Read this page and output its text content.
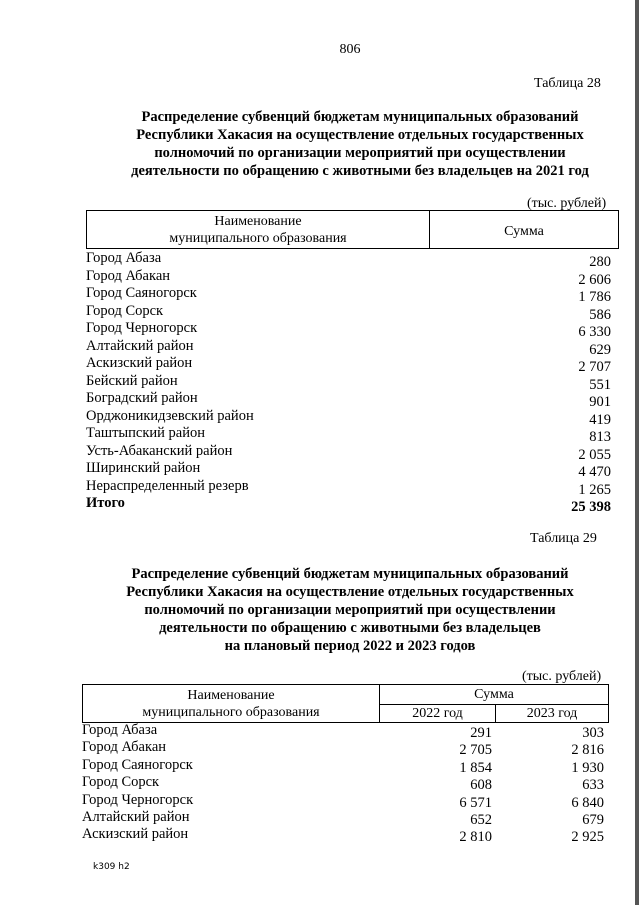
806
Таблица 28
Распределение субвенций бюджетам муниципальных образований
Республики Хакасия на осуществление отдельных государственных
полномочий по организации мероприятий при осуществлении
деятельности по обращению с животными без владельцев на 2021 год
(тыс. рублей)
Наименование
муниципального образования	Сумма
Город Абаза	280
Город Абакан	2 606
Город Саяногорск	1 786
Город Сорск	586
Город Черногорск	6 330
Алтайский район	629
Аскизский район	2 707
Бейский район	551
Боградский район	901
Орджоникидзевский район	419
Таштыпский район	813
Усть-Абаканский район	2 055
Ширинский район	4 470
Нераспределенный резерв	1 265
Итого	25 398
Таблица 29
Распределение субвенций бюджетам муниципальных образований
Республики Хакасия на осуществление отдельных государственных
полномочий по организации мероприятий при осуществлении
деятельности по обращению с животными без владельцев
на плановый период 2022 и 2023 годов
(тыс. рублей)
Наименование
муниципального образования
Сумма
2022 год	2023 год
Город Абаза	291	303
Город Абакан	2 705	2 816
Город Саяногорск	1 854	1 930
Город Сорск	608	633
Город Черногорск	6 571	6 840
Алтайский район	652	679
Аскизский район	2 810	2 925
k309 h2
